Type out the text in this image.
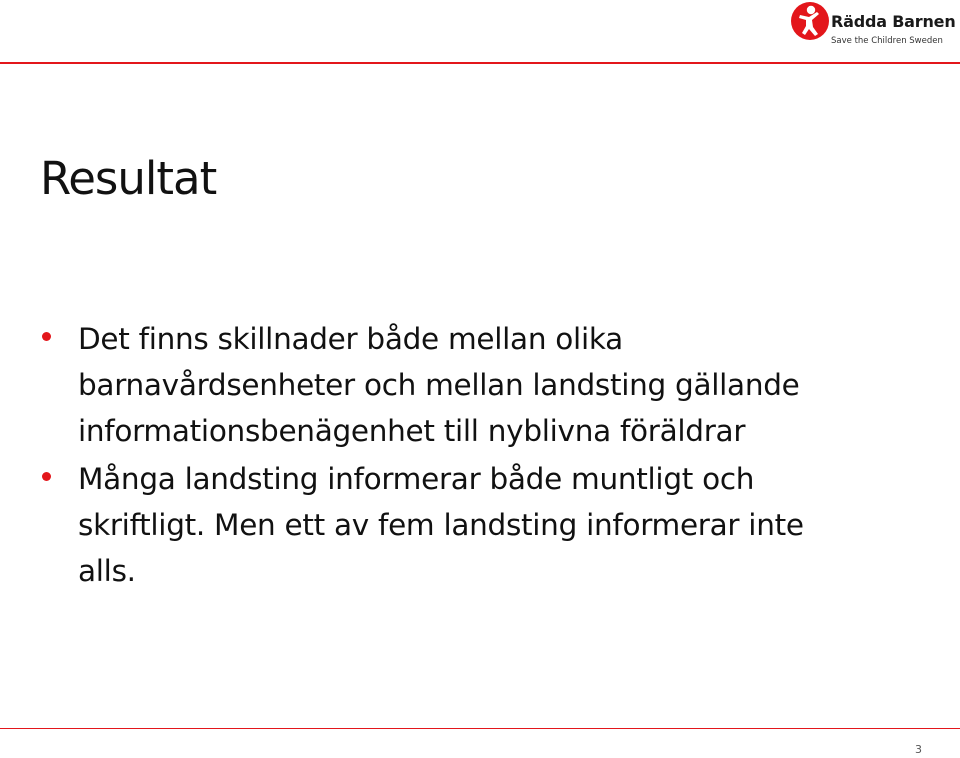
Rädda Barnen
Save the Children Sweden
Resultat
Det finns skillnader både mellan olika
barnavårdsenheter och mellan landsting gällande
informationsbenägenhet till nyblivna föräldrar
Många landsting informerar både muntligt och
skriftligt. Men ett av fem landsting informerar inte
alls.
3
